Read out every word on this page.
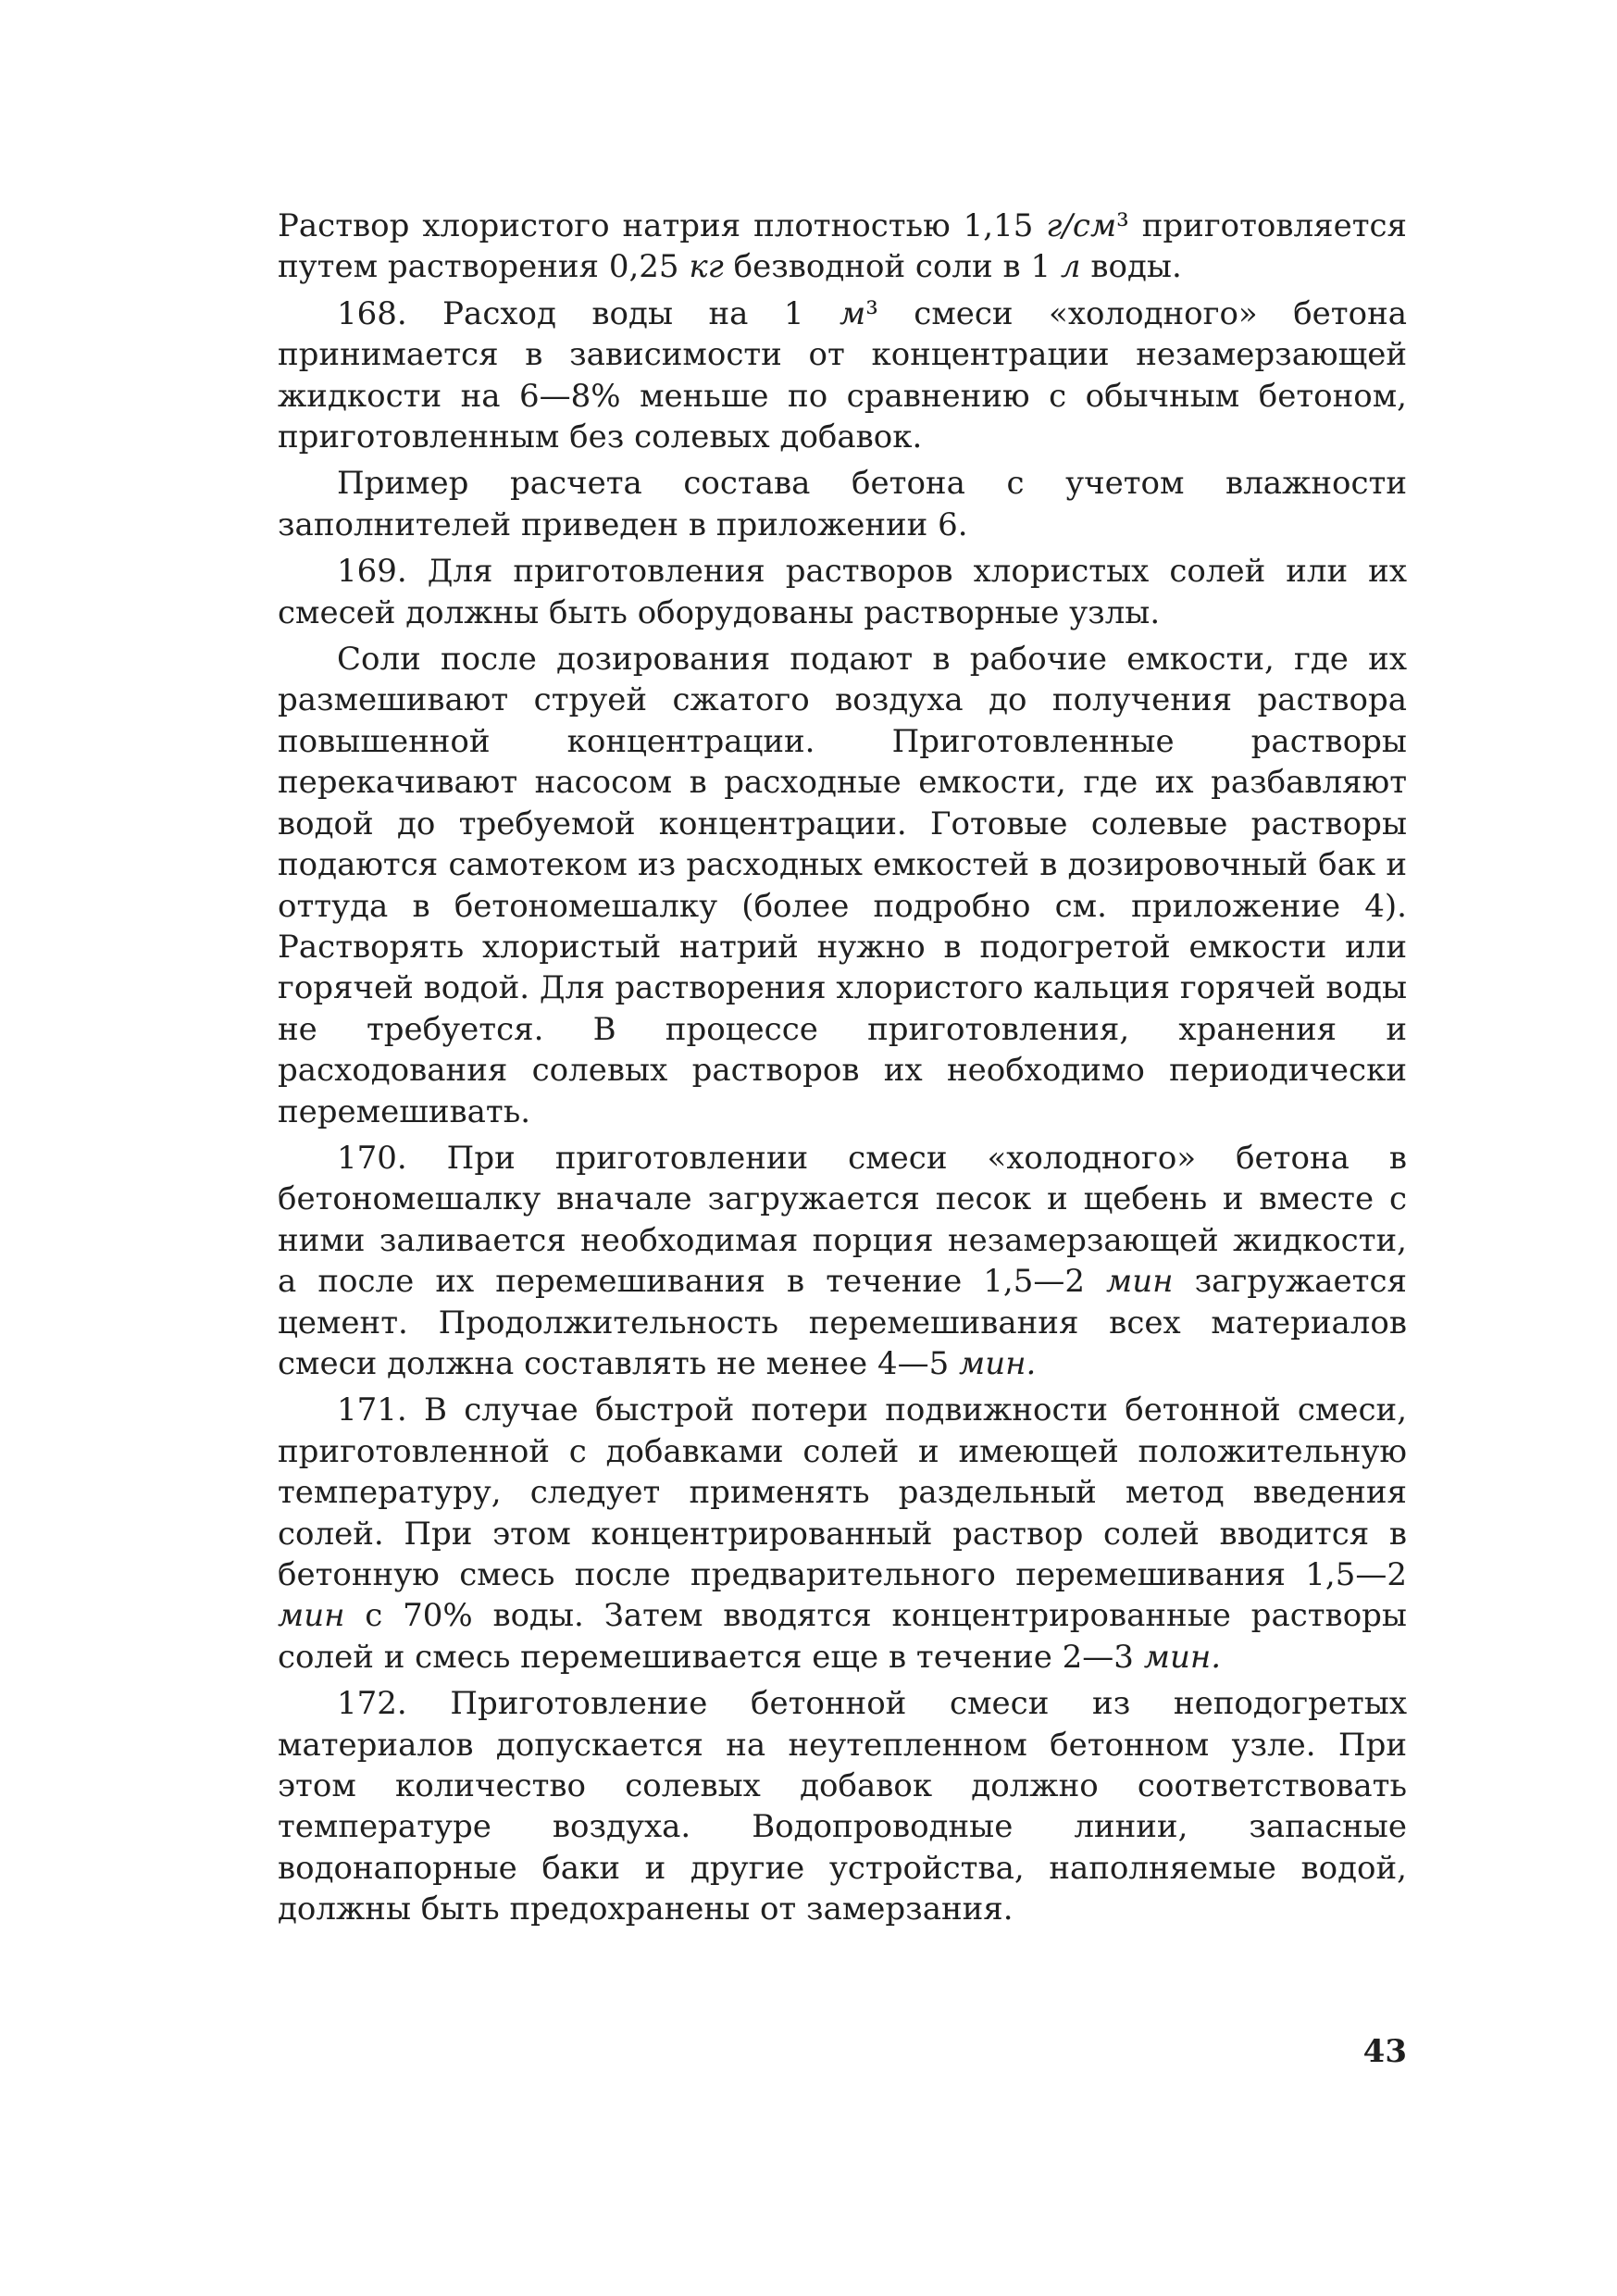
Раствор хлористого натрия плотностью 1,15 г/см³ приготовляется путем растворения 0,25 кг безводной соли в 1 л воды.

168. Расход воды на 1 м³ смеси «холодного» бетона принимается в зависимости от концентрации незамерзающей жидкости на 6—8% меньше по сравнению с обычным бетоном, приготовленным без солевых добавок.

Пример расчета состава бетона с учетом влажности заполнителей приведен в приложении 6.

169. Для приготовления растворов хлористых солей или их смесей должны быть оборудованы растворные узлы.

Соли после дозирования подают в рабочие емкости, где их размешивают струей сжатого воздуха до получения раствора повышенной концентрации. Приготовленные растворы перекачивают насосом в расходные емкости, где их разбавляют водой до требуемой концентрации. Готовые солевые растворы подаются самотеком из расходных емкостей в дозировочный бак и оттуда в бетономешалку (более подробно см. приложение 4). Растворять хлористый натрий нужно в подогретой емкости или горячей водой. Для растворения хлористого кальция горячей воды не требуется. В процессе приготовления, хранения и расходования солевых растворов их необходимо периодически перемешивать.

170. При приготовлении смеси «холодного» бетона в бетономешалку вначале загружается песок и щебень и вместе с ними заливается необходимая порция незамерзающей жидкости, а после их перемешивания в течение 1,5—2 мин загружается цемент. Продолжительность перемешивания всех материалов смеси должна составлять не менее 4—5 мин.

171. В случае быстрой потери подвижности бетонной смеси, приготовленной с добавками солей и имеющей положительную температуру, следует применять раздельный метод введения солей. При этом концентрированный раствор солей вводится в бетонную смесь после предварительного перемешивания 1,5—2 мин с 70% воды. Затем вводятся концентрированные растворы солей и смесь перемешивается еще в течение 2—3 мин.

172. Приготовление бетонной смеси из неподогретых материалов допускается на неутепленном бетонном узле. При этом количество солевых добавок должно соответствовать температуре воздуха. Водопроводные линии, запасные водонапорные баки и другие устройства, наполняемые водой, должны быть предохранены от замерзания.

43
